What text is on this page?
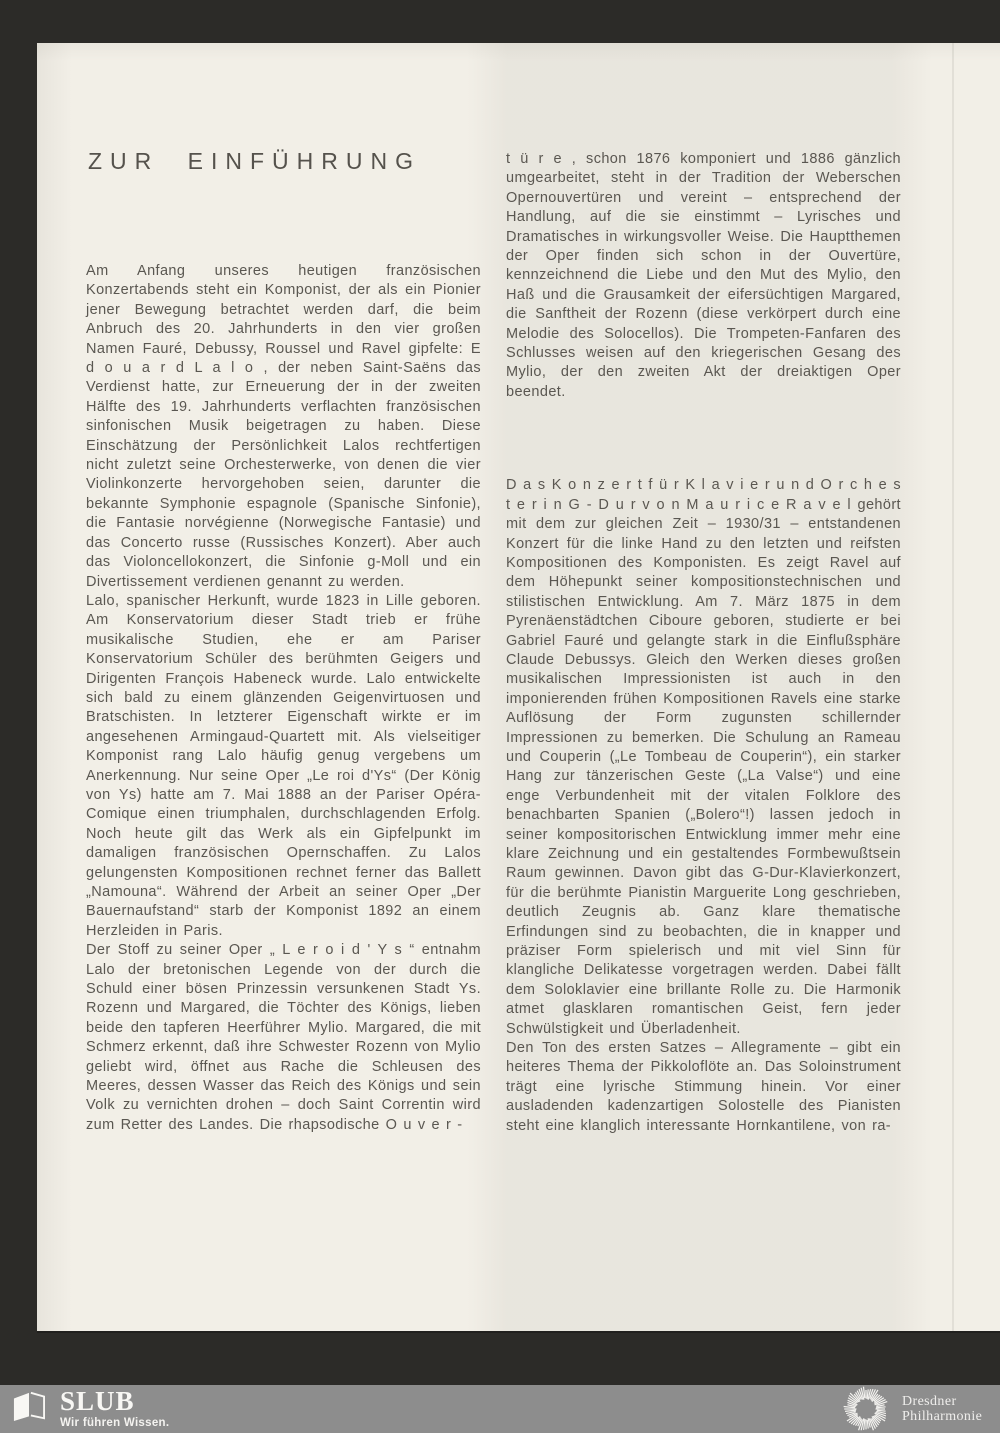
ZUR EINFÜHRUNG

Am Anfang unseres heutigen französischen Konzertabends steht ein Komponist, der als ein Pionier jener Bewegung betrachtet werden darf, die beim Anbruch des 20. Jahrhunderts in den vier großen Namen Fauré, Debussy, Roussel und Ravel gipfelte: E d o u a r d L a l o , der neben Saint-Saëns das Verdienst hatte, zur Erneuerung der in der zweiten Hälfte des 19. Jahrhunderts verflachten französischen sinfonischen Musik beigetragen zu haben. Diese Einschätzung der Persönlichkeit Lalos rechtfertigen nicht zuletzt seine Orchesterwerke, von denen die vier Violinkonzerte hervorgehoben seien, darunter die bekannte Symphonie espagnole (Spanische Sinfonie), die Fantasie norvégienne (Norwegische Fantasie) und das Concerto russe (Russisches Konzert). Aber auch das Violoncellokonzert, die Sinfonie g-Moll und ein Divertissement verdienen genannt zu werden.

Lalo, spanischer Herkunft, wurde 1823 in Lille geboren. Am Konservatorium dieser Stadt trieb er frühe musikalische Studien, ehe er am Pariser Konservatorium Schüler des berühmten Geigers und Dirigenten François Habeneck wurde. Lalo entwickelte sich bald zu einem glänzenden Geigenvirtuosen und Bratschisten. In letzterer Eigenschaft wirkte er im angesehenen Armingaud-Quartett mit. Als vielseitiger Komponist rang Lalo häufig genug vergebens um Anerkennung. Nur seine Oper „Le roi d'Ys“ (Der König von Ys) hatte am 7. Mai 1888 an der Pariser Opéra-Comique einen triumphalen, durchschlagenden Erfolg. Noch heute gilt das Werk als ein Gipfelpunkt im damaligen französischen Opernschaffen. Zu Lalos gelungensten Kompositionen rechnet ferner das Ballett „Namouna“. Während der Arbeit an seiner Oper „Der Bauernaufstand“ starb der Komponist 1892 an einem Herzleiden in Paris.

Der Stoff zu seiner Oper „ L e r o i d ' Y s “ entnahm Lalo der bretonischen Legende von der durch die Schuld einer bösen Prinzessin versunkenen Stadt Ys. Rozenn und Margared, die Töchter des Königs, lieben beide den tapferen Heerführer Mylio. Margared, die mit Schmerz erkennt, daß ihre Schwester Rozenn von Mylio geliebt wird, öffnet aus Rache die Schleusen des Meeres, dessen Wasser das Reich des Königs und sein Volk zu vernichten drohen – doch Saint Correntin wird zum Retter des Landes. Die rhapsodische O u v e r -

t ü r e , schon 1876 komponiert und 1886 gänzlich umgearbeitet, steht in der Tradition der Weberschen Opernouvertüren und vereint – entsprechend der Handlung, auf die sie einstimmt – Lyrisches und Dramatisches in wirkungsvoller Weise. Die Hauptthemen der Oper finden sich schon in der Ouvertüre, kennzeichnend die Liebe und den Mut des Mylio, den Haß und die Grausamkeit der eifersüchtigen Margared, die Sanftheit der Rozenn (diese verkörpert durch eine Melodie des Solocellos). Die Trompeten-Fanfaren des Schlusses weisen auf den kriegerischen Gesang des Mylio, der den zweiten Akt der dreiaktigen Oper beendet.

D a s K o n z e r t f ü r K l a v i e r u n d O r c h e s t e r i n G - D u r v o n M a u r i c e R a v e l gehört mit dem zur gleichen Zeit – 1930/31 – entstandenen Konzert für die linke Hand zu den letzten und reifsten Kompositionen des Komponisten. Es zeigt Ravel auf dem Höhepunkt seiner kompositionstechnischen und stilistischen Entwicklung. Am 7. März 1875 in dem Pyrenäenstädtchen Ciboure geboren, studierte er bei Gabriel Fauré und gelangte stark in die Einflußsphäre Claude Debussys. Gleich den Werken dieses großen musikalischen Impressionisten ist auch in den imponierenden frühen Kompositionen Ravels eine starke Auflösung der Form zugunsten schillernder Impressionen zu bemerken. Die Schulung an Rameau und Couperin („Le Tombeau de Couperin“), ein starker Hang zur tänzerischen Geste („La Valse“) und eine enge Verbundenheit mit der vitalen Folklore des benachbarten Spanien („Bolero“!) lassen jedoch in seiner kompositorischen Entwicklung immer mehr eine klare Zeichnung und ein gestaltendes Formbewußtsein Raum gewinnen. Davon gibt das G-Dur-Klavierkonzert, für die berühmte Pianistin Marguerite Long geschrieben, deutlich Zeugnis ab. Ganz klare thematische Erfindungen sind zu beobachten, die in knapper und präziser Form spielerisch und mit viel Sinn für klangliche Delikatesse vorgetragen werden. Dabei fällt dem Soloklavier eine brillante Rolle zu. Die Harmonik atmet glasklaren romantischen Geist, fern jeder Schwülstigkeit und Überladenheit.

Den Ton des ersten Satzes – Allegramente – gibt ein heiteres Thema der Pikkoloflöte an. Das Soloinstrument trägt eine lyrische Stimmung hinein. Vor einer ausladenden kadenzartigen Solostelle des Pianisten steht eine klanglich interessante Hornkantilene, von ra-

SLUB
Wir führen Wissen.
Dresdner
Philharmonie
